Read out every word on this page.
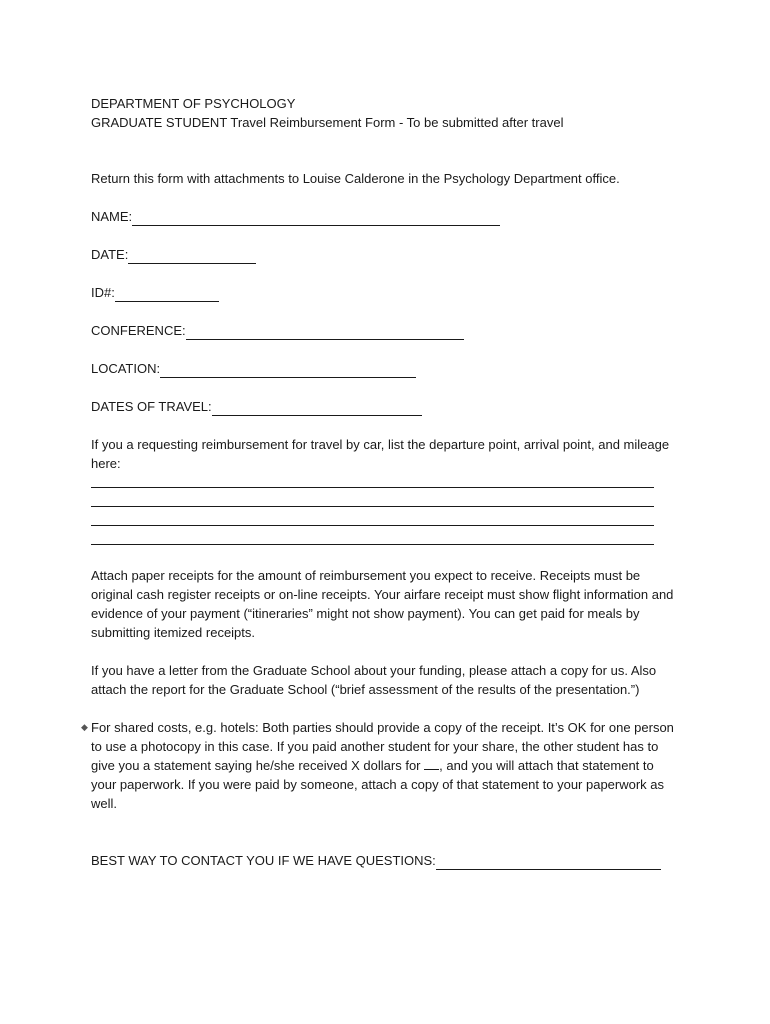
DEPARTMENT OF PSYCHOLOGY
GRADUATE STUDENT Travel Reimbursement Form - To be submitted after travel

Return this form with attachments to Louise Calderone in the Psychology Department office.

NAME:
DATE:
ID#:
CONFERENCE:
LOCATION:
DATES OF TRAVEL:

If you a requesting reimbursement for travel by car, list the departure point, arrival point, and mileage here:

Attach paper receipts for the amount of reimbursement you expect to receive. Receipts must be original cash register receipts or on-line receipts. Your airfare receipt must show flight information and evidence of your payment (“itineraries” might not show payment). You can get paid for meals by submitting itemized receipts.

If you have a letter from the Graduate School about your funding, please attach a copy for us. Also attach the report for the Graduate School (“brief assessment of the results of the presentation.”)

◆ For shared costs, e.g. hotels: Both parties should provide a copy of the receipt. It’s OK for one person to use a photocopy in this case. If you paid another student for your share, the other student has to give you a statement saying he/she received X dollars for , and you will attach that statement to your paperwork. If you were paid by someone, attach a copy of that statement to your paperwork as well.

BEST WAY TO CONTACT YOU IF WE HAVE QUESTIONS:
